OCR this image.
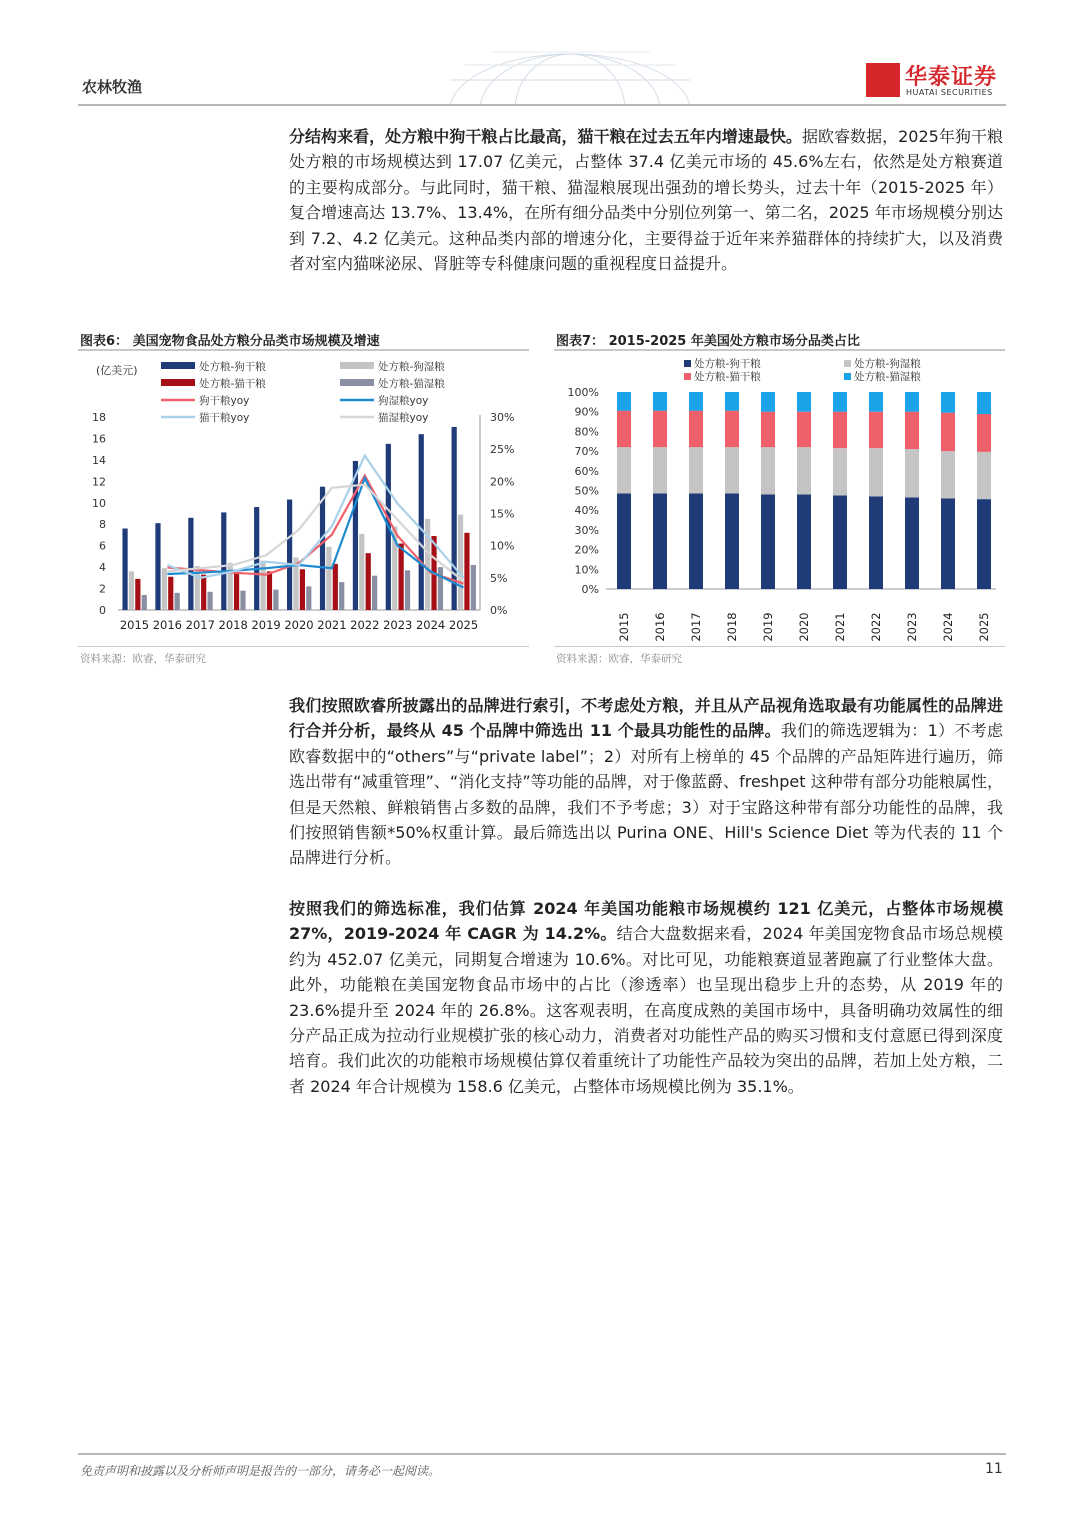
农林牧渔	华泰证券
HUATAI SECURITIES
分结构来看，处方粮中狗干粮占比最高，猫干粮在过去五年内增速最快。据欧睿数据，2025年狗干粮处方粮的市场规模达到 17.07 亿美元，占整体 37.4 亿美元市场的 45.6%左右，依然是处方粮赛道的主要构成部分。与此同时，猫干粮、猫湿粮展现出强劲的增长势头，过去十年（2015-2025 年）复合增速高达 13.7%、13.4%，在所有细分品类中分别位列第一、第二名，2025 年市场规模分别达到 7.2、4.2 亿美元。这种品类内部的增速分化，主要得益于近年来养猫群体的持续扩大，以及消费者对室内猫咪泌尿、肾脏等专科健康问题的重视程度日益提升。
图表6： 美国宠物食品处方粮分品类市场规模及增速
(亿美元)	处方粮-狗干粮	处方粮-狗湿粮
处方粮-猫干粮	处方粮-猫湿粮
狗干粮yoy	狗湿粮yoy
猫干粮yoy	猫湿粮yoy
0
2
4
6
8
10
12
14
16
18
0%
5%
10%
15%
20%
25%
30%
2015 2016 2017 2018 2019 2020 2021 2022 2023 2024 2025
资料来源：欧睿，华泰研究
图表7： 2015-2025 年美国处方粮市场分品类占比
处方粮-狗干粮	处方粮-狗湿粮
处方粮-猫干粮	处方粮-猫湿粮
0%
10%
20%
30%
40%
50%
60%
70%
80%
90%
100%
2015 2016 2017 2018 2019 2020 2021 2022 2023 2024 2025
资料来源：欧睿，华泰研究
我们按照欧睿所披露出的品牌进行索引，不考虑处方粮，并且从产品视角选取最有功能属性的品牌进行合并分析，最终从 45 个品牌中筛选出 11 个最具功能性的品牌。我们的筛选逻辑为：1）不考虑欧睿数据中的“others”与“private label”；2）对所有上榜单的 45 个品牌的产品矩阵进行遍历，筛选出带有“减重管理”、“消化支持”等功能的品牌，对于像蓝爵、freshpet 这种带有部分功能粮属性，但是天然粮、鲜粮销售占多数的品牌，我们不予考虑；3）对于宝路这种带有部分功能性的品牌，我们按照销售额*50%权重计算。最后筛选出以 Purina ONE、Hill's Science Diet 等为代表的 11 个品牌进行分析。
按照我们的筛选标准，我们估算 2024 年美国功能粮市场规模约 121 亿美元，占整体市场规模 27%，2019-2024 年 CAGR 为 14.2%。结合大盘数据来看，2024 年美国宠物食品市场总规模约为 452.07 亿美元，同期复合增速为 10.6%。对比可见，功能粮赛道显著跑赢了行业整体大盘。此外，功能粮在美国宠物食品市场中的占比（渗透率）也呈现出稳步上升的态势，从 2019 年的 23.6%提升至 2024 年的 26.8%。这客观表明，在高度成熟的美国市场中，具备明确功效属性的细分产品正成为拉动行业规模扩张的核心动力，消费者对功能性产品的购买习惯和支付意愿已得到深度培育。我们此次的功能粮市场规模估算仅着重统计了功能性产品较为突出的品牌，若加上处方粮，二者 2024 年合计规模为 158.6 亿美元，占整体市场规模比例为 35.1%。
免责声明和披露以及分析师声明是报告的一部分，请务必一起阅读。	11
